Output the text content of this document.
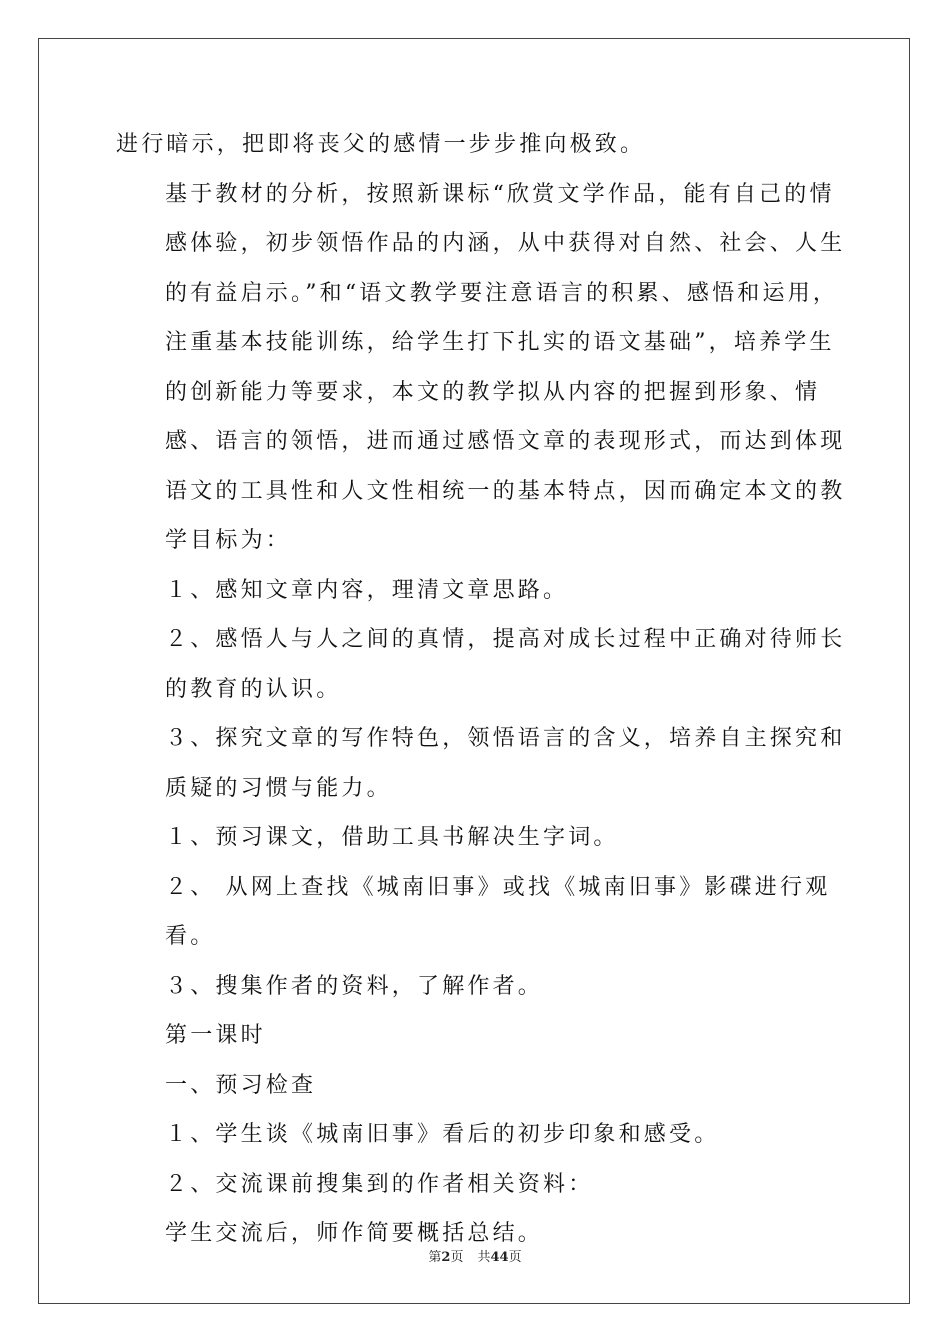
进行暗示，把即将丧父的感情一步步推向极致。

基于教材的分析，按照新课标“欣赏文学作品，能有自己的情感体验，初步领悟作品的内涵，从中获得对自然、社会、人生的有益启示。”和“语文教学要注意语言的积累、感悟和运用，注重基本技能训练，给学生打下扎实的语文基础”，培养学生的创新能力等要求，本文的教学拟从内容的把握到形象、情感、语言的领悟，进而通过感悟文章的表现形式，而达到体现语文的工具性和人文性相统一的基本特点，因而确定本文的教学目标为：

１、感知文章内容，理清文章思路。

２、感悟人与人之间的真情，提高对成长过程中正确对待师长的教育的认识。

３、探究文章的写作特色，领悟语言的含义，培养自主探究和质疑的习惯与能力。

１、预习课文，借助工具书解决生字词。

２、 从网上查找《城南旧事》或找《城南旧事》影碟进行观看。

３、搜集作者的资料，了解作者。

第一课时

一、预习检查

１、学生谈《城南旧事》看后的初步印象和感受。

２、交流课前搜集到的作者相关资料：

学生交流后，师作简要概括总结。

第2页 共44页
